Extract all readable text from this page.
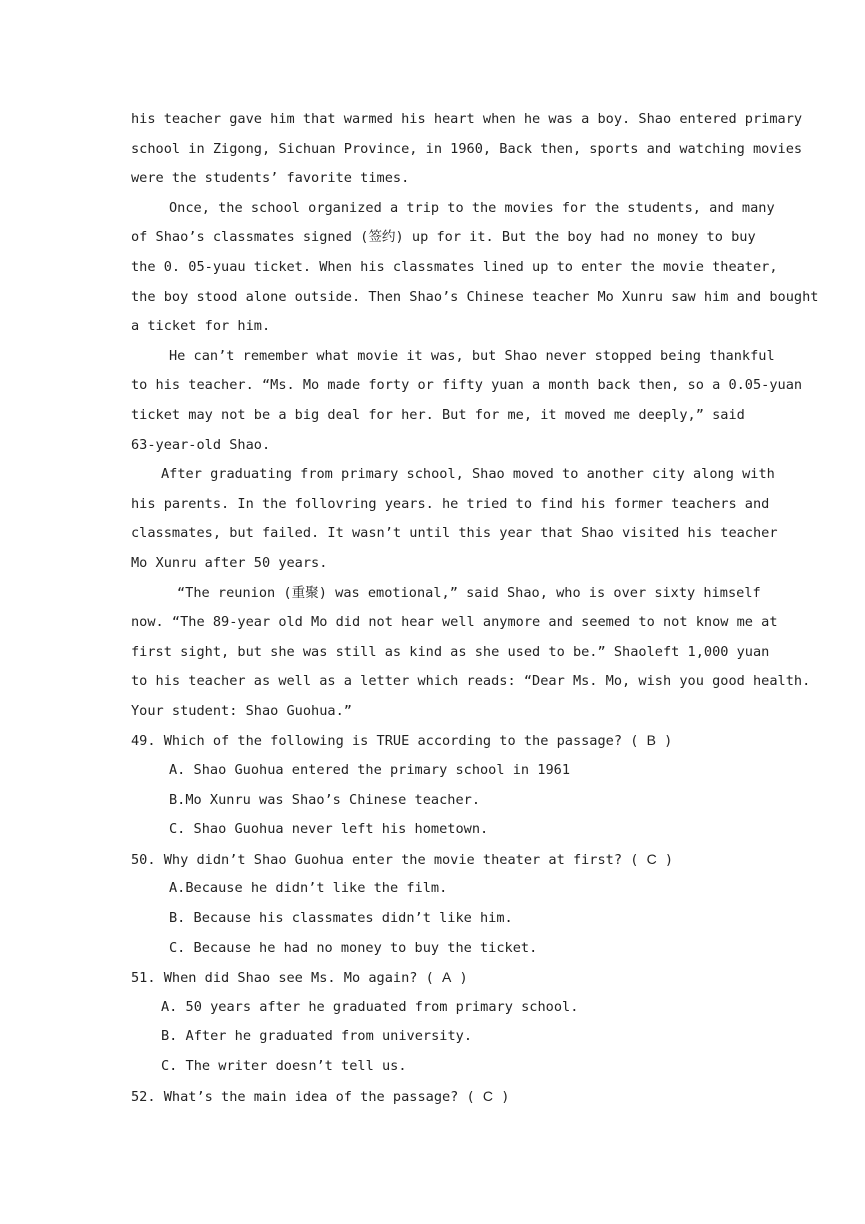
his teacher gave him that warmed his heart when he was a boy. Shao entered primary
school in Zigong, Sichuan Province, in 1960, Back then, sports and watching movies
were the students’ favorite times.
Once, the school organized a trip to the movies for the students, and many
of Shao’s classmates signed (签约) up for it. But the boy had no money to buy
the 0. 05-yuau ticket. When his classmates lined up to enter the movie theater,
the boy stood alone outside. Then Shao’s Chinese teacher Mo Xunru saw him and bought
a ticket for him.
He can’t remember what movie it was, but Shao never stopped being thankful
to his teacher. “Ms. Mo made forty or fifty yuan a month back then, so a 0.05-yuan
ticket may not be a big deal for her. But for me, it moved me deeply,” said
63-year-old Shao.
After graduating from primary school, Shao moved to another city along with
his parents. In the follovring years. he tried to find his former teachers and
classmates, but failed. It wasn’t until this year that Shao visited his teacher
Mo Xunru after 50 years.
“The reunion (重聚) was emotional,” said Shao, who is over sixty himself
now. “The 89-year old Mo did not hear well anymore and seemed to not know me at
first sight, but she was still as kind as she used to be.” Shaoleft 1,000 yuan
to his teacher as well as a letter which reads: “Dear Ms. Mo, wish you good health.
Your student: Shao Guohua.”
49. Which of the following is TRUE according to the passage? ( B )
A. Shao Guohua entered the primary school in 1961
B.Mo Xunru was Shao’s Chinese teacher.
C. Shao Guohua never left his hometown.
50. Why didn’t Shao Guohua enter the movie theater at first? ( C )
A.Because he didn’t like the film.
B. Because his classmates didn’t like him.
C. Because he had no money to buy the ticket.
51. When did Shao see Ms. Mo again? ( A )
A. 50 years after he graduated from primary school.
B. After he graduated from university.
C. The writer doesn’t tell us.
52. What’s the main idea of the passage? ( C )
